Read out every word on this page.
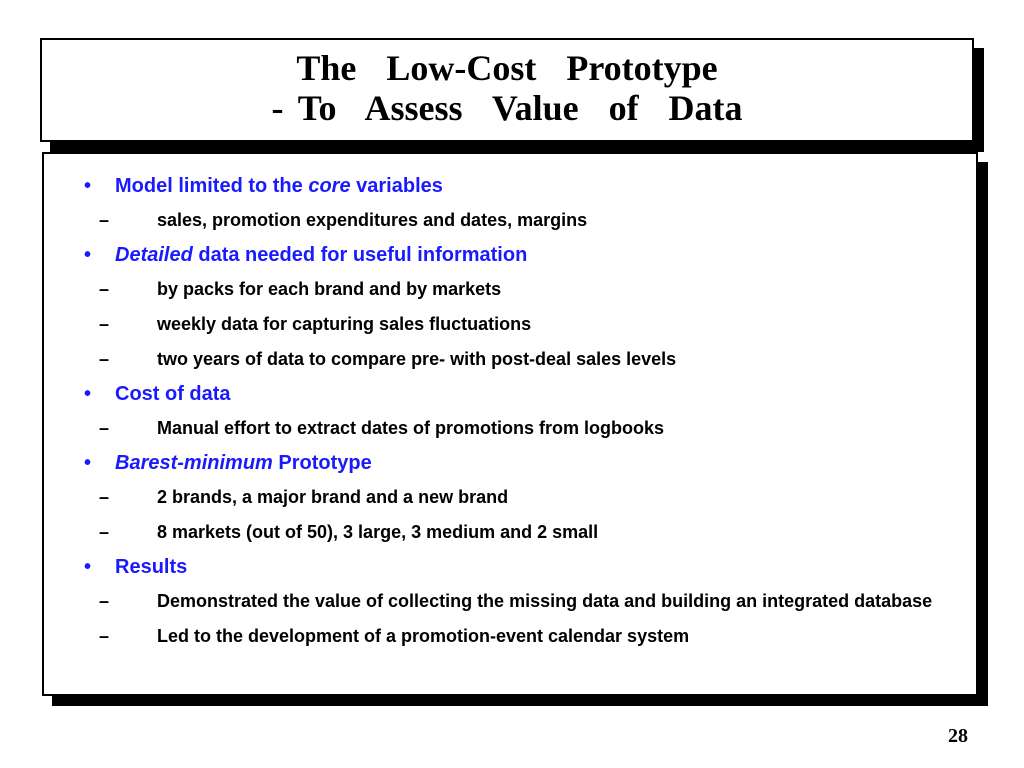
The  Low-Cost  Prototype
- To  Assess  Value  of  Data
• Model limited to the core variables
–	sales, promotion expenditures and dates, margins
• Detailed data needed for useful information
–	by packs for each brand and by markets
–	weekly data for capturing sales fluctuations
–	two years of data to compare pre- with post-deal sales levels
• Cost of data
–	Manual effort to extract dates of promotions from logbooks
• Barest-minimum Prototype
–	2 brands, a major brand and a new brand
–	8 markets (out of 50), 3 large, 3 medium and 2 small
• Results
–	Demonstrated the value of collecting the missing data and building an integrated database
–	Led to the development of a promotion-event calendar system
28
